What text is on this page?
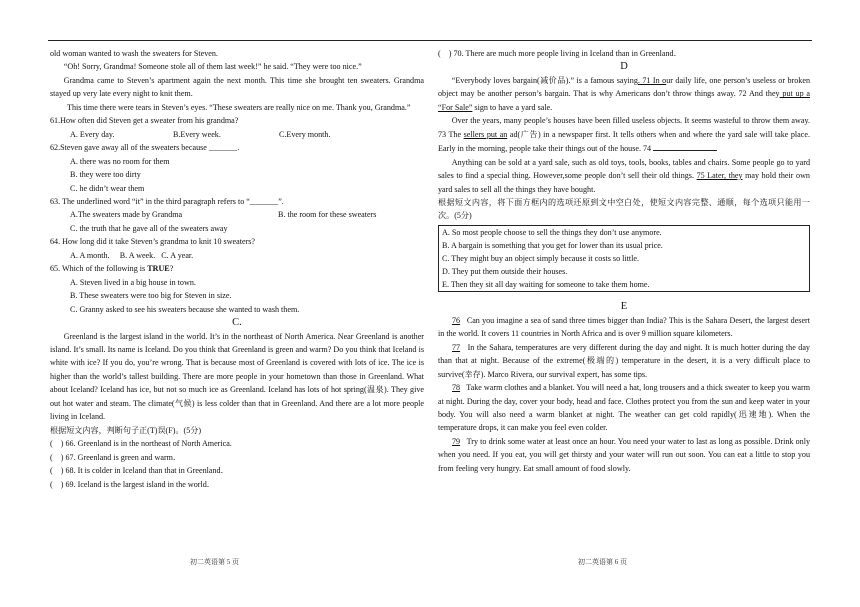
old woman wanted to wash the sweaters for Steven.

“Oh! Sorry, Grandma! Someone stole all of them last week!” he said. “They were too nice.”

Grandma came to Steven’s apartment again the next month. This time she brought ten sweaters. Grandma stayed up very late every night to knit them.

This time there were tears in Steven’s eyes. “These sweaters are really nice on me. Thank you, Grandma.”

61.How often did Steven get a sweater from his grandma?

A. Every day.	B.Every week.	C.Every month.

62.Steven gave away all of the sweaters because _______.

A. there was no room for them

B. they were too dirty

C. he didn’t wear them

63. The underlined word “it” in the third paragraph refers to “_______”.

A.The sweaters made by Grandma	B. the room for these sweaters

C. the truth that he gave all of the sweaters away

64. How long did it take Steven’s grandma to knit 10 sweaters?

A. A month.     B. A week.   C. A year.

65. Which of the following is TRUE?

A. Steven lived in a big house in town.

B. These sweaters were too big for Steven in size.

C. Granny asked to see his sweaters because she wanted to wash them.

C.

Greenland is the largest island in the world. It’s in the northeast of North America. Near Greenland is another island. It’s small. Its name is Iceland. Do you think that Greenland is green and warm? Do you think that Iceland is white with ice? If you do, you’re wrong. That is because most of Greenland is covered with lots of ice. The ice is higher than the world’s tallest building. There are more people in your hometown than those in Greenland. What about Iceland? Iceland has ice, but not so much ice as Greenland. Iceland has lots of hot spring(温泉). They give out hot water and steam. The climate(气候) is less colder than that in Greenland. And there are a lot more people living in Iceland.

根据短文内容，判断句子正(T)误(F)。(5分)

(    ) 66. Greenland is in the northeast of North America.

(    ) 67. Greenland is green and warm．

(    ) 68. It is colder in Iceland than that in Greenland．

(    ) 69. Iceland is the largest island in the world．

(    ) 70. There are much more people living in Iceland than in Greenland．

D

“Everybody loves bargain(减价品).” is a famous saying. 71 In our daily life, one person’s useless or broken object may be another person’s bargain. That is why Americans don’t throw things away. 72 And they put up a “For Sale” sign to have a yard sale.

Over the years, many people’s houses have been filled useless objects. It seems wasteful to throw them away. 73 The sellers put an ad(广告) in a newspaper first. It tells others when and where the yard sale will take place. Early in the morning, people take their things out of the house. 74

Anything can be sold at a yard sale, such as old toys, tools, books, tables and chairs. Some people go to yard sales to find a special thing. However,some people don’t sell their old things. 75 Later, they may hold their own yard sales to sell all the things they have bought.

根据短文内容，将下面方框内的选项还原到文中空白处，使短文内容完整、通顺，每个选项只能用一次。(5分)

A. So most people choose to sell the things they don’t use anymore.

B. A bargain is something that you get for lower than its usual price.

C. They might buy an object simply because it costs so little.

D. They put them outside their houses.

E. Then they sit all day waiting for someone to take them home.

E

76 Can you imagine a sea of sand three times bigger than India? This is the Sahara Desert, the largest desert in the world. It covers 11 countries in North Africa and is over 9 million square kilometers.

77 In the Sahara, temperatures are very different during the day and night. It is much hotter during the day than that at night. Because of the extreme(极端的) temperature in the desert, it is a very difficult place to survive(幸存). Marco Rivera, our survival expert, has some tips.

78 Take warm clothes and a blanket. You will need a hat, long trousers and a thick sweater to keep you warm at night. During the day, cover your body, head and face. Clothes protect you from the sun and keep water in your body. You will also need a warm blanket at night. The weather can get cold rapidly(迅速地). When the temperature drops, it can make you feel even colder.

79 Try to drink some water at least once an hour. You need your water to last as long as possible. Drink only when you need. If you eat, you will get thirsty and your water will run out soon. You can eat a little to stop you from feeling very hungry. Eat small amount of food slowly.

初二英语第 5 页	初二英语第 6 页
